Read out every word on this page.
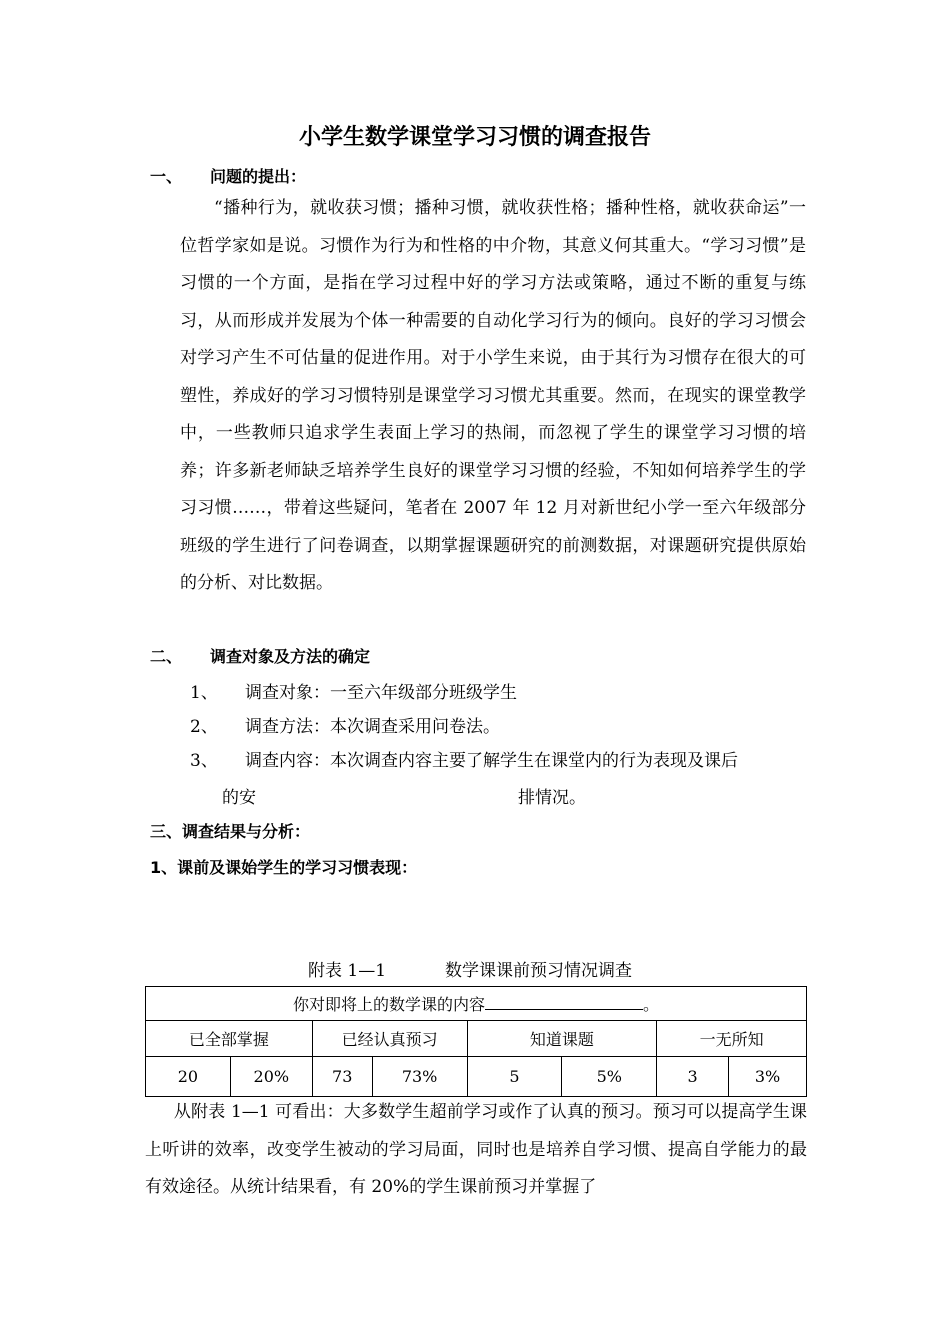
小学生数学课堂学习习惯的调查报告
一、 问题的提出：
“播种行为，就收获习惯；播种习惯，就收获性格；播种性格，就收获命运”一位哲学家如是说。习惯作为行为和性格的中介物，其意义何其重大。“学习习惯”是习惯的一个方面，是指在学习过程中好的学习方法或策略，通过不断的重复与练习，从而形成并发展为个体一种需要的自动化学习行为的倾向。良好的学习习惯会对学习产生不可估量的促进作用。对于小学生来说，由于其行为习惯存在很大的可塑性，养成好的学习习惯特别是课堂学习习惯尤其重要。然而，在现实的课堂教学中，一些教师只追求学生表面上学习的热闹，而忽视了学生的课堂学习习惯的培养；许多新老师缺乏培养学生良好的课堂学习习惯的经验，不知如何培养学生的学习习惯……，带着这些疑问，笔者在 2007 年 12 月对新世纪小学一至六年级部分班级的学生进行了问卷调查，以期掌握课题研究的前测数据，对课题研究提供原始的分析、对比数据。
二、 调查对象及方法的确定
1、 调查对象：一至六年级部分班级学生
2、 调查方法：本次调查采用问卷法。
3、 调查内容：本次调查内容主要了解学生在课堂内的行为表现及课后
的安	排情况。
三、调查结果与分析：
1、课前及课始学生的学习习惯表现：
附表 1—1	数学课课前预习情况调查
你对即将上的数学课的内容 。							
已全部掌握		已经认真预习		知道课题		一无所知	
20	20%	73	73%	5	5%	3	3%
从附表 1—1 可看出：大多数学生超前学习或作了认真的预习。预习可以提高学生课上听讲的效率，改变学生被动的学习局面，同时也是培养自学习惯、提高自学能力的最有效途径。从统计结果看，有 20%的学生课前预习并掌握了
